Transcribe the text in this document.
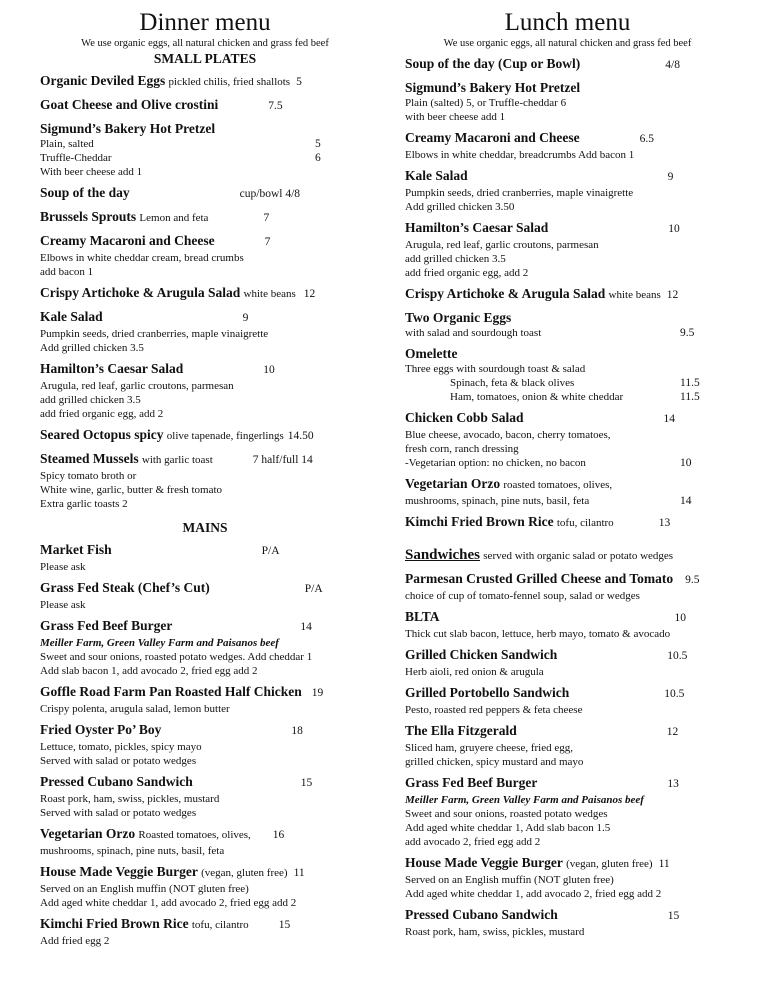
Dinner menu

We use organic eggs, all natural chicken and grass fed beef

SMALL PLATES

Organic Deviled Eggs pickled chilis, fried shallots 5
Goat Cheese and Olive crostini	7.5
Sigmund’s Bakery Hot Pretzel
Plain, salted	5
Truffle-Cheddar	6
With beer cheese add 1
Soup of the day	cup/bowl 4/8
Brussels Sprouts Lemon and feta	7
Creamy Macaroni and Cheese	7
Elbows in white cheddar cream, bread crumbs
add bacon 1
Crispy Artichoke & Arugula Salad white beans 12
Kale Salad	9
Pumpkin seeds, dried cranberries, maple vinaigrette
Add grilled chicken 3.5
Hamilton’s Caesar Salad	10
Arugula, red leaf, garlic croutons, parmesan
add grilled chicken 3.5
add fried organic egg, add 2
Seared Octopus spicy olive tapenade, fingerlings 14.50
Steamed Mussels with garlic toast	7 half/full 14
Spicy tomato broth or
White wine, garlic, butter & fresh tomato
Extra garlic toasts 2

MAINS

Market Fish	P/A
Please ask
Grass Fed Steak (Chef’s Cut)	P/A
Please ask
Grass Fed Beef Burger	14
Meiller Farm, Green Valley Farm and Paisanos beef
Sweet and sour onions, roasted potato wedges. Add cheddar 1
Add slab bacon 1, add avocado 2, fried egg add 2
Goffle Road Farm Pan Roasted Half Chicken 19
Crispy polenta, arugula salad, lemon butter
Fried Oyster Po’ Boy	18
Lettuce, tomato, pickles, spicy mayo
Served with salad or potato wedges
Pressed Cubano Sandwich	15
Roast pork, ham, swiss, pickles, mustard
Served with salad or potato wedges
Vegetarian Orzo Roasted tomatoes, olives, 16
mushrooms, spinach, pine nuts, basil, feta
House Made Veggie Burger (vegan, gluten free) 11
Served on an English muffin (NOT gluten free)
Add aged white cheddar 1, add avocado 2, fried egg add 2
Kimchi Fried Brown Rice tofu, cilantro	15
Add fried egg 2
Lunch menu

We use organic eggs, all natural chicken and grass fed beef

Soup of the day (Cup or Bowl)	4/8
Sigmund’s Bakery Hot Pretzel
Plain (salted) 5, or Truffle-cheddar 6
with beer cheese add 1
Creamy Macaroni and Cheese	6.5
Elbows in white cheddar, breadcrumbs Add bacon 1
Kale Salad	9
Pumpkin seeds, dried cranberries, maple vinaigrette
Add grilled chicken 3.50
Hamilton’s Caesar Salad	10
Arugula, red leaf, garlic croutons, parmesan
add grilled chicken 3.5
add fried organic egg, add 2
Crispy Artichoke & Arugula Salad white beans 12
Two Organic Eggs
with salad and sourdough toast	9.5
Omelette
Three eggs with sourdough toast & salad
Spinach, feta & black olives	11.5
Ham, tomatoes, onion & white cheddar	11.5
Chicken Cobb Salad	14
Blue cheese, avocado, bacon, cherry tomatoes,
fresh corn, ranch dressing
-Vegetarian option: no chicken, no bacon	10
Vegetarian Orzo roasted tomatoes, olives,
mushrooms, spinach, pine nuts, basil, feta	14
Kimchi Fried Brown Rice tofu, cilantro	13
Sandwiches served with organic salad or potato wedges
Parmesan Crusted Grilled Cheese and Tomato 9.5
choice of cup of tomato-fennel soup, salad or wedges
BLTA	10
Thick cut slab bacon, lettuce, herb mayo, tomato & avocado
Grilled Chicken Sandwich	10.5
Herb aioli, red onion & arugula
Grilled Portobello Sandwich	10.5
Pesto, roasted red peppers & feta cheese
The Ella Fitzgerald	12
Sliced ham, gruyere cheese, fried egg,
grilled chicken, spicy mustard and mayo
Grass Fed Beef Burger	13
Meiller Farm, Green Valley Farm and Paisanos beef
Sweet and sour onions, roasted potato wedges
Add aged white cheddar 1, Add slab bacon 1.5
add avocado 2, fried egg add 2
House Made Veggie Burger (vegan, gluten free) 11
Served on an English muffin (NOT gluten free)
Add aged white cheddar 1, add avocado 2, fried egg add 2
Pressed Cubano Sandwich	15
Roast pork, ham, swiss, pickles, mustard
